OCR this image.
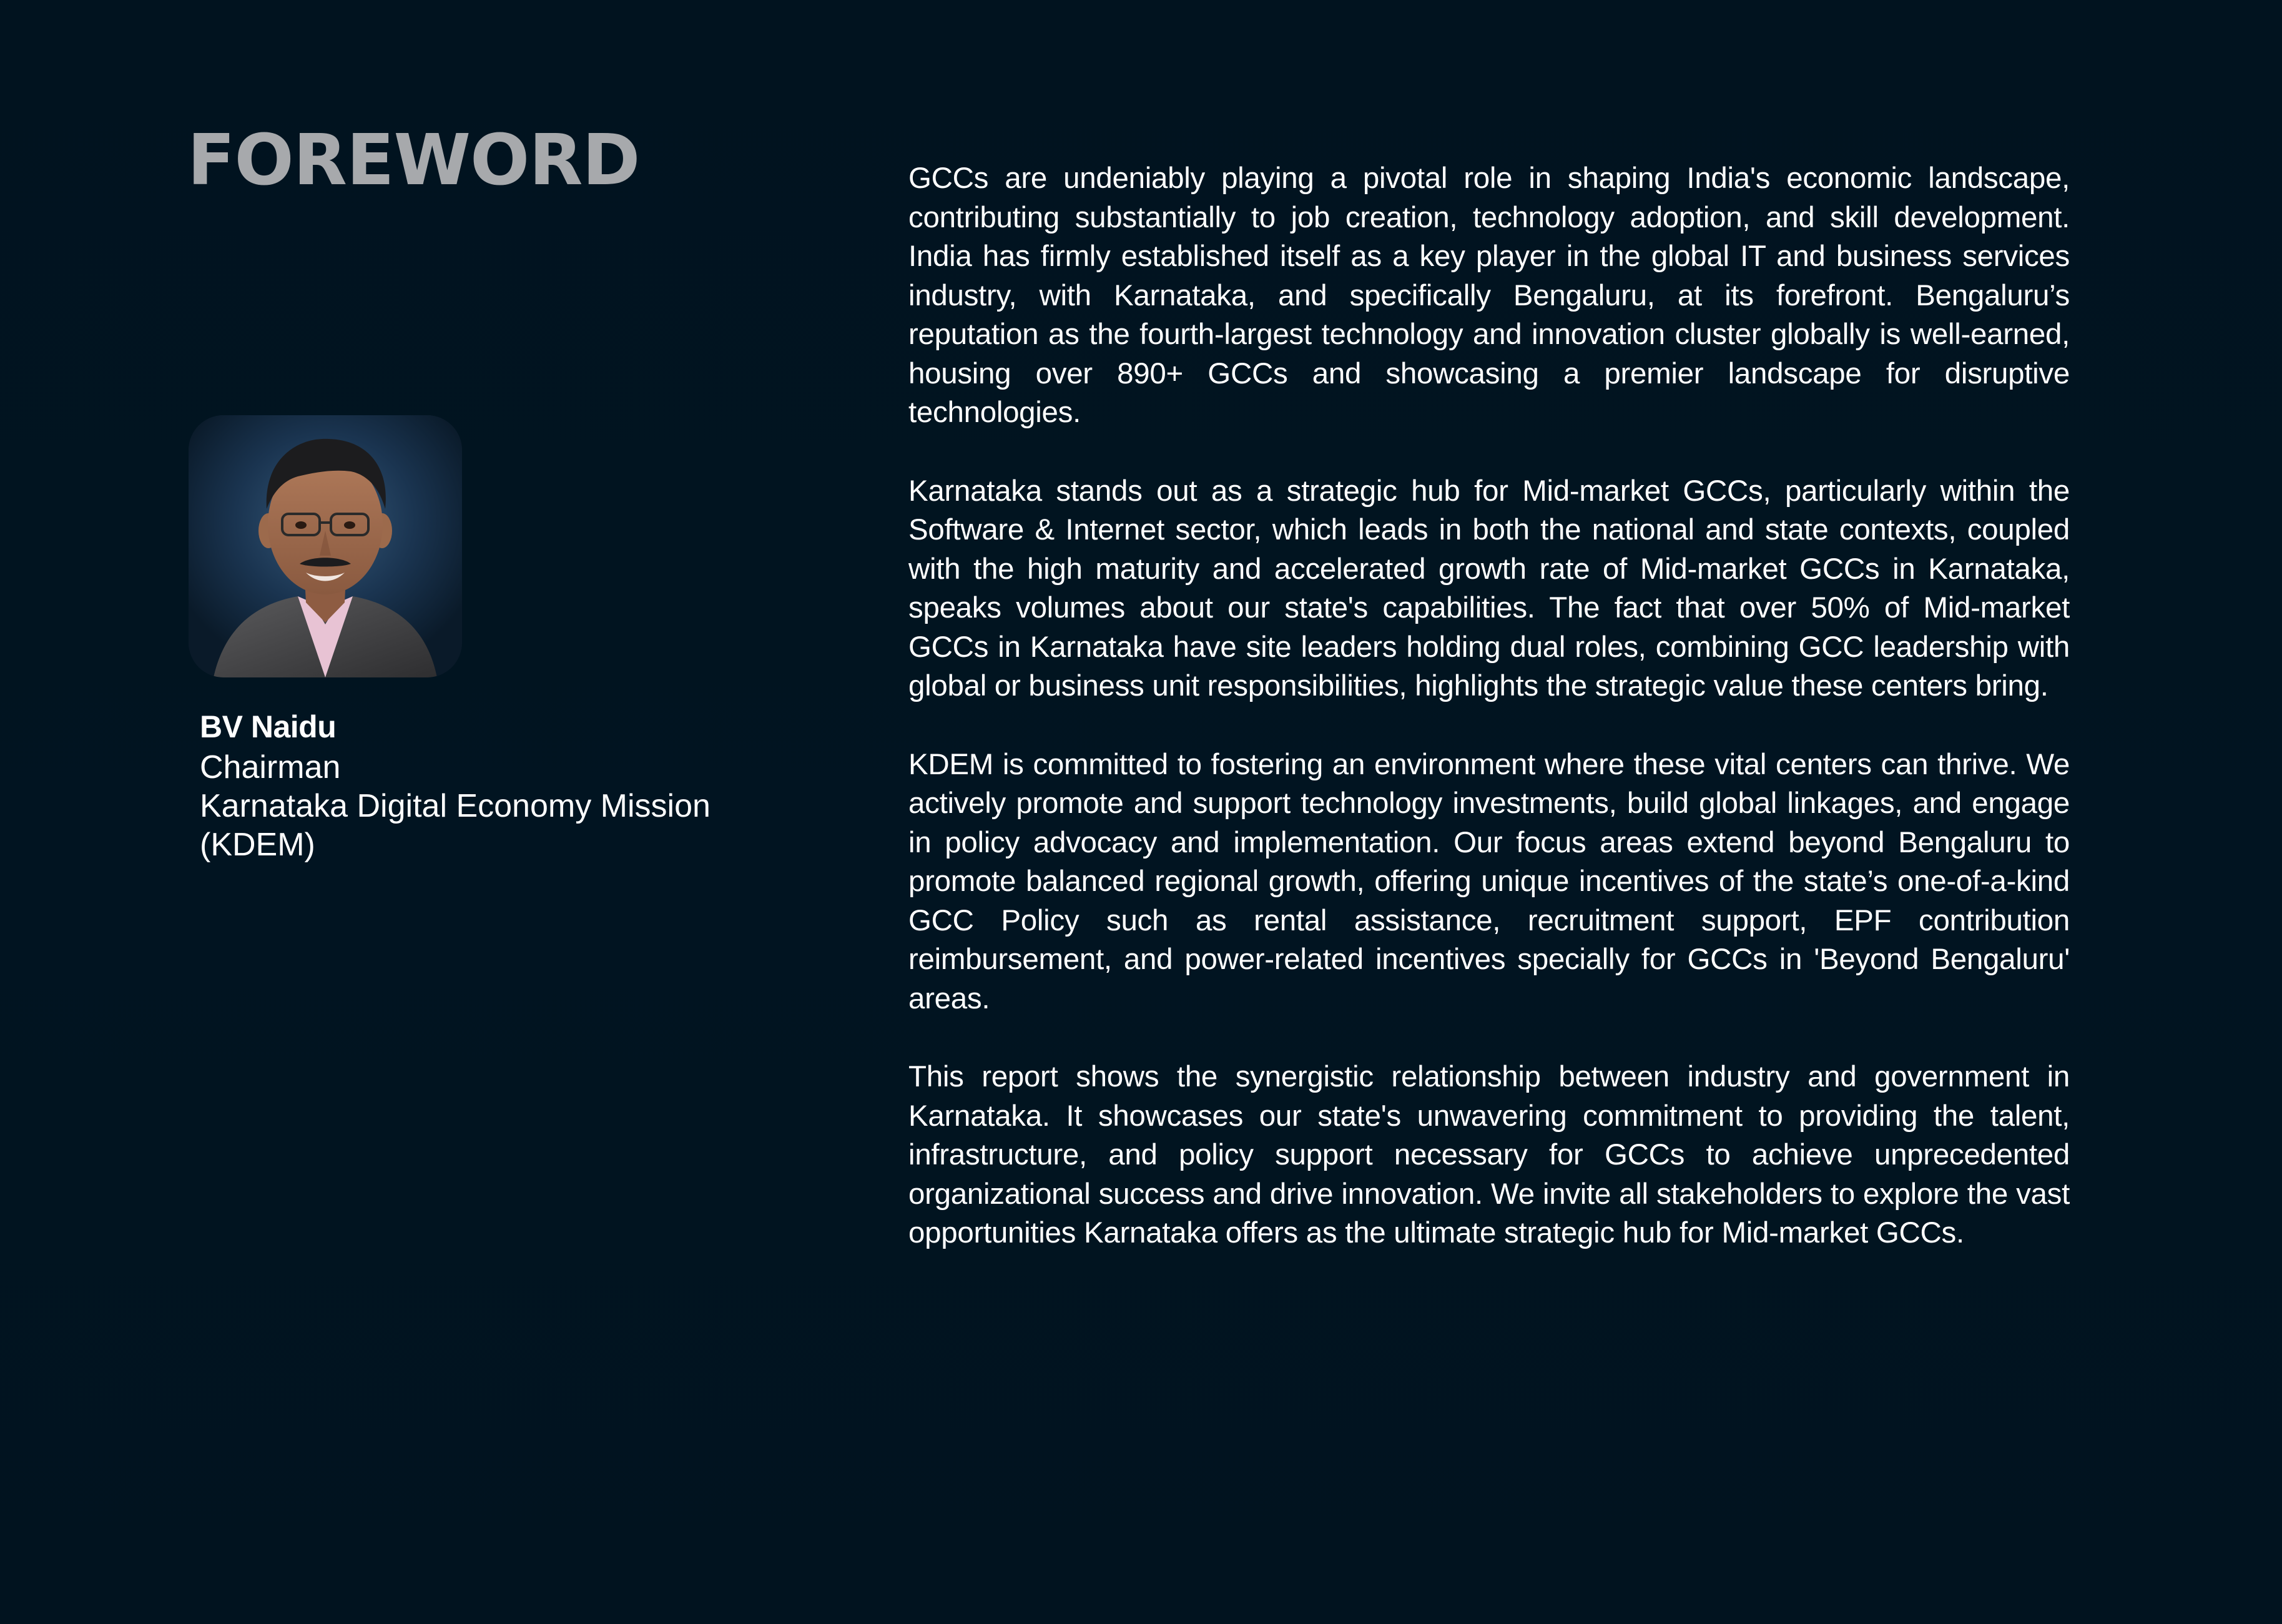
FOREWORD
BV Naidu
Chairman
Karnataka Digital Economy Mission
(KDEM)

GCCs are undeniably playing a pivotal role in shaping India's economic landscape, contributing substantially to job creation, technology adoption, and skill development. India has firmly established itself as a key player in the global IT and business services industry, with Karnataka, and specifically Bengaluru, at its forefront. Bengaluru’s reputation as the fourth-largest technology and innovation cluster globally is well-earned, housing over 890+ GCCs and showcasing a premier landscape for disruptive technologies.

Karnataka stands out as a strategic hub for Mid-market GCCs, particularly within the Software & Internet sector, which leads in both the national and state contexts, coupled with the high maturity and accelerated growth rate of Mid-market GCCs in Karnataka, speaks volumes about our state's capabilities. The fact that over 50% of Mid-market GCCs in Karnataka have site leaders holding dual roles, combining GCC leadership with global or business unit responsibilities, highlights the strategic value these centers bring.

KDEM is committed to fostering an environment where these vital centers can thrive. We actively promote and support technology investments, build global linkages, and engage in policy advocacy and implementation. Our focus areas extend beyond Bengaluru to promote balanced regional growth, offering unique incentives of the state’s one-of-a-kind GCC Policy such as rental assistance, recruitment support, EPF contribution reimbursement, and power-related incentives specially for GCCs in 'Beyond Bengaluru' areas.

This report shows the synergistic relationship between industry and government in Karnataka. It showcases our state's unwavering commitment to providing the talent, infrastructure, and policy support necessary for GCCs to achieve unprecedented organizational success and drive innovation. We invite all stakeholders to explore the vast opportunities Karnataka offers as the ultimate strategic hub for Mid-market GCCs.
